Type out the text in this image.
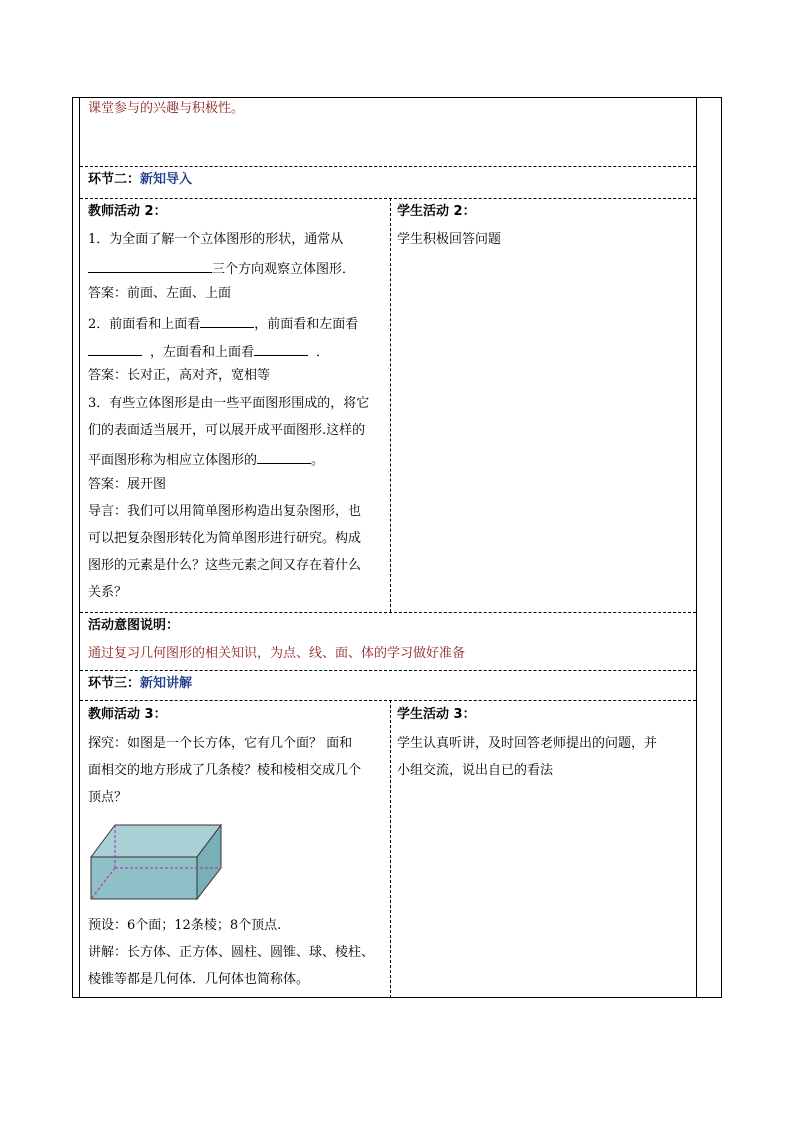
课堂参与的兴趣与积极性。
环节二：新知导入
教师活动 2：
1．为全面了解一个立体图形的形状，通常从
三个方向观察立体图形．
答案：前面、左面、上面
2．前面看和上面看	，前面看和左面看
，左面看和上面看	．
答案：长对正，高对齐，宽相等
3．有些立体图形是由一些平面图形围成的，将它
们的表面适当展开，可以展开成平面图形.这样的
平面图形称为相应立体图形的	。
答案：展开图
导言：我们可以用简单图形构造出复杂图形，也
可以把复杂图形转化为简单图形进行研究。构成
图形的元素是什么？这些元素之间又存在着什么
关系？
学生活动 2：
学生积极回答问题
活动意图说明：
通过复习几何图形的相关知识，为点、线、面、体的学习做好准备
环节三：新知讲解
教师活动 3：
探究：如图是一个长方体，它有几个面？ 面和
面相交的地方形成了几条棱？棱和棱相交成几个
顶点？
预设：6个面；12条棱；8个顶点.
讲解：长方体、正方体、圆柱、圆锥、球、棱柱、
棱锥等都是几何体．几何体也简称体。
学生活动 3：
学生认真听讲，及时回答老师提出的问题，并
小组交流，说出自已的看法
